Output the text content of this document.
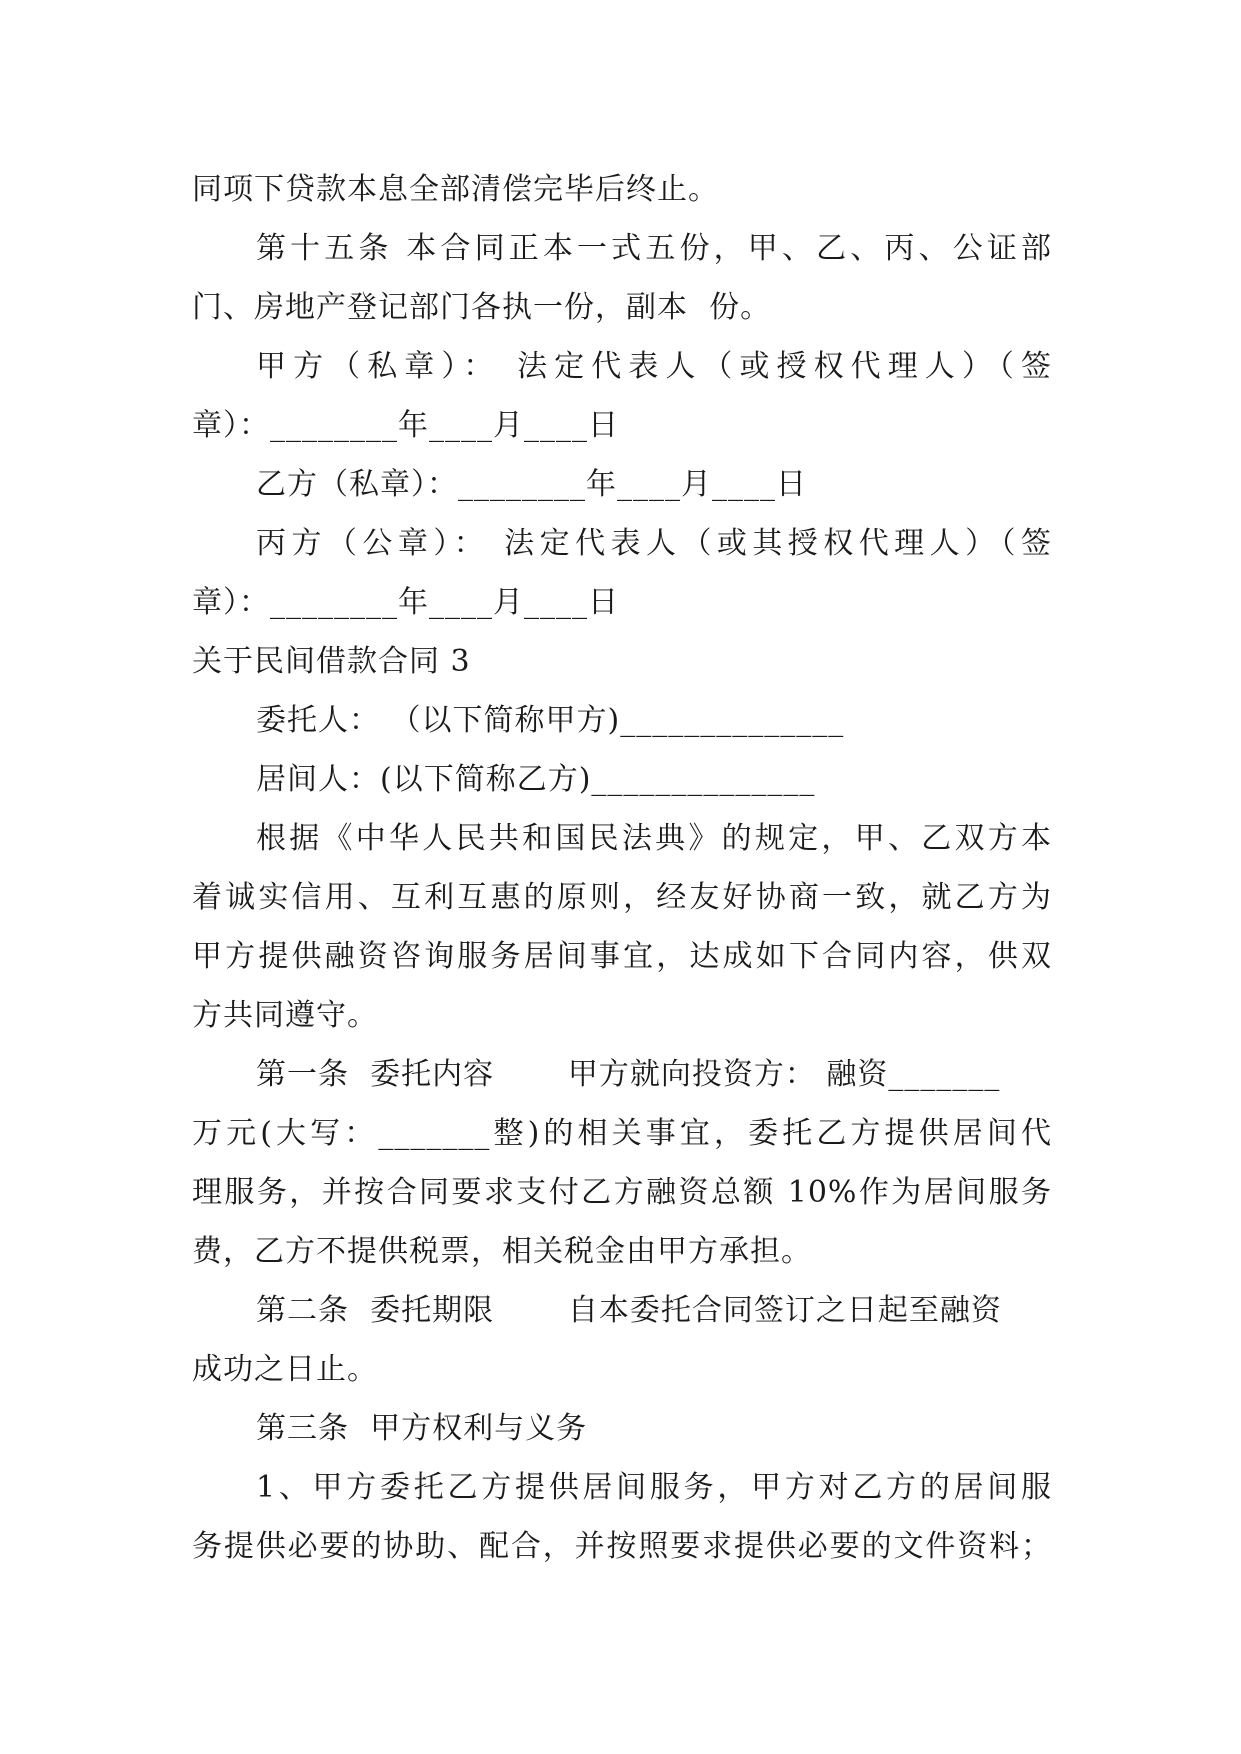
同项下贷款本息全部清偿完毕后终止。

第十五条 本合同正本一式五份，甲、乙、丙、公证部

门、房地产登记部门各执一份，副本  份。

甲方（私章）： 法定代表人（或授权代理人）（签

章）：________年____月____日

乙方（私章）：________年____月____日

丙方（公章）： 法定代表人（或其授权代理人）（签

章）：________年____月____日

关于民间借款合同 3

委托人： （以下简称甲方)______________

居间人：(以下简称乙方)______________

根据《中华人民共和国民法典》的规定，甲、乙双方本

着诚实信用、互利互惠的原则，经友好协商一致，就乙方为

甲方提供融资咨询服务居间事宜，达成如下合同内容，供双

方共同遵守。

第一条  委托内容       甲方就向投资方： 融资_______

万元(大写：_______整)的相关事宜，委托乙方提供居间代

理服务，并按合同要求支付乙方融资总额 10%作为居间服务

费，乙方不提供税票，相关税金由甲方承担。

第二条  委托期限       自本委托合同签订之日起至融资

成功之日止。

第三条  甲方权利与义务

1、甲方委托乙方提供居间服务，甲方对乙方的居间服

务提供必要的协助、配合，并按照要求提供必要的文件资料；
